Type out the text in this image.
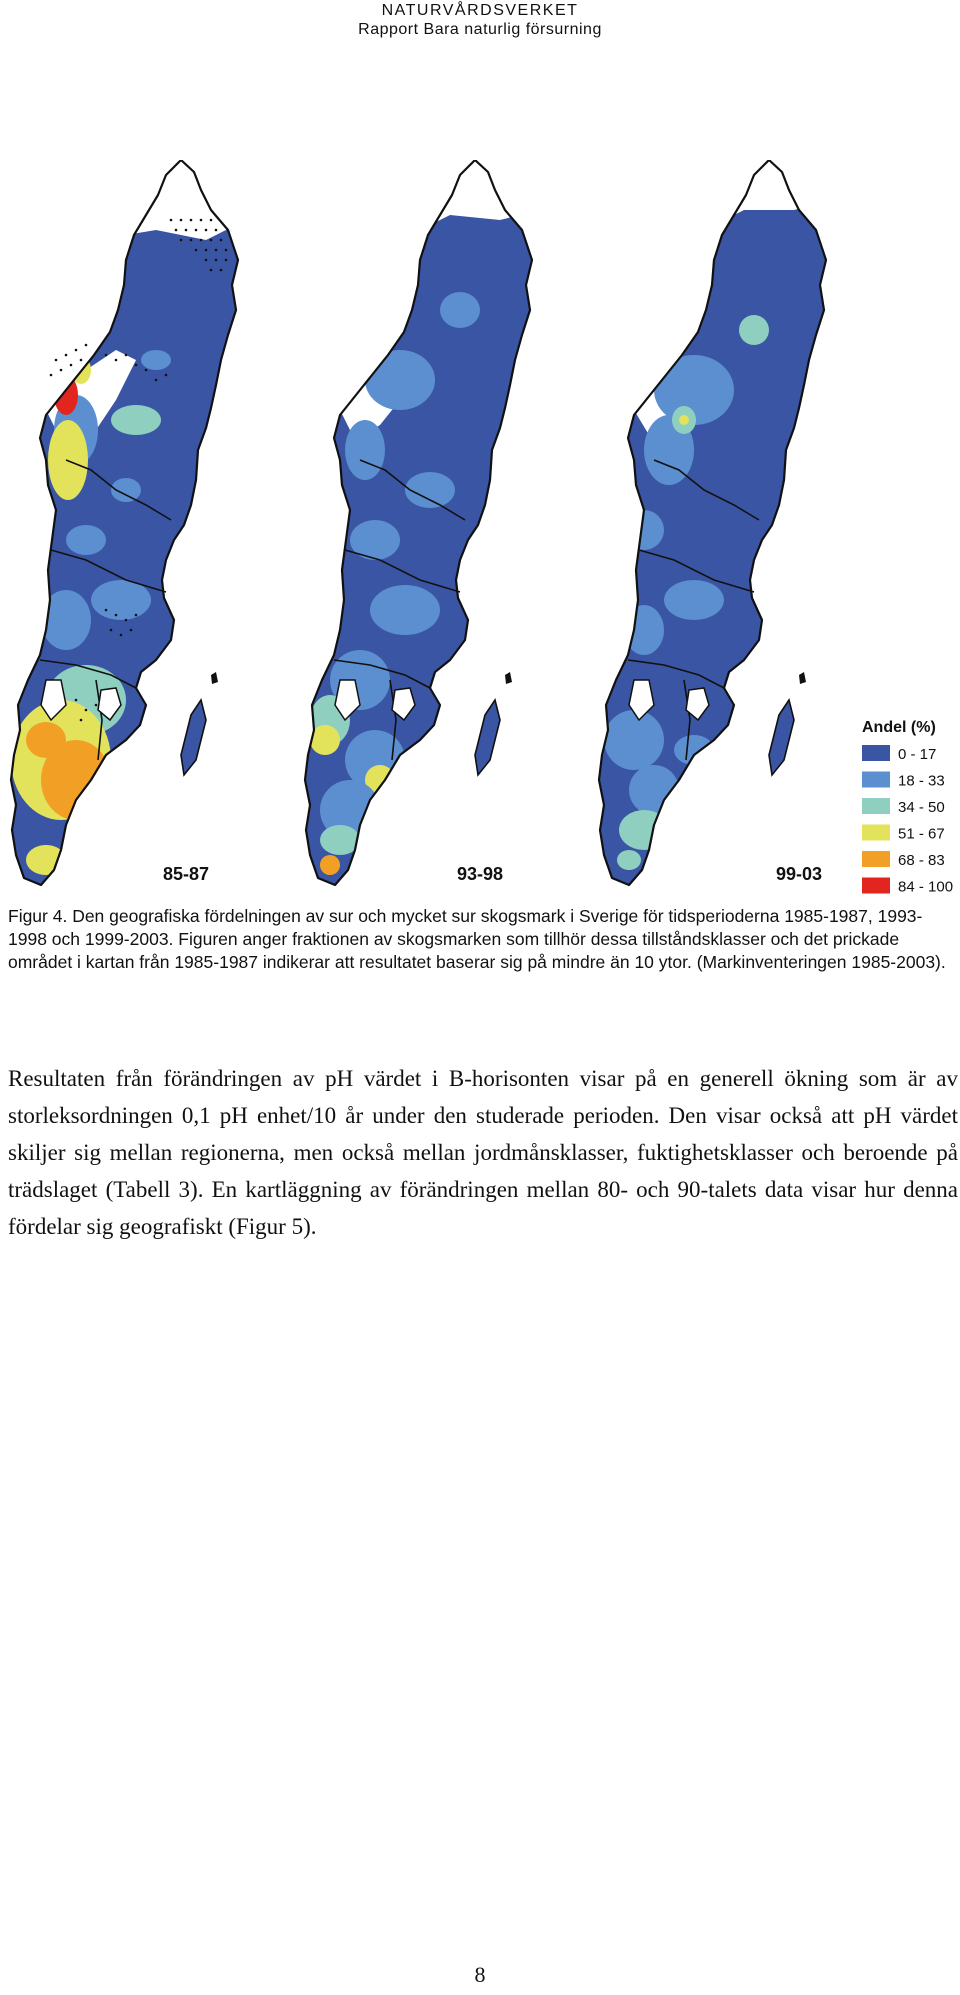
NATURVÅRDSVERKET
Rapport Bara naturlig försurning
85-87	93-98	99-03
Andel (%)
0 - 17
18 - 33
34 - 50
51 - 67
68 - 83
84 - 100
Figur 4. Den geografiska fördelningen av sur och mycket sur skogsmark i Sverige för tidsperioderna 1985-1987, 1993-1998 och 1999-2003. Figuren anger fraktionen av skogsmarken som tillhör dessa tillståndsklasser och det prickade området i kartan från 1985-1987 indikerar att resultatet baserar sig på mindre än 10 ytor. (Markinventeringen 1985-2003).
Resultaten från förändringen av pH värdet i B-horisonten visar på en generell ökning som är av storleksordningen 0,1 pH enhet/10 år under den studerade perioden. Den visar också att pH värdet skiljer sig mellan regionerna, men också mellan jordmånsklasser, fuktighetsklasser och beroende på trädslaget (Tabell 3). En kartläggning av förändringen mellan 80- och 90-talets data visar hur denna fördelar sig geografiskt (Figur 5).
8
